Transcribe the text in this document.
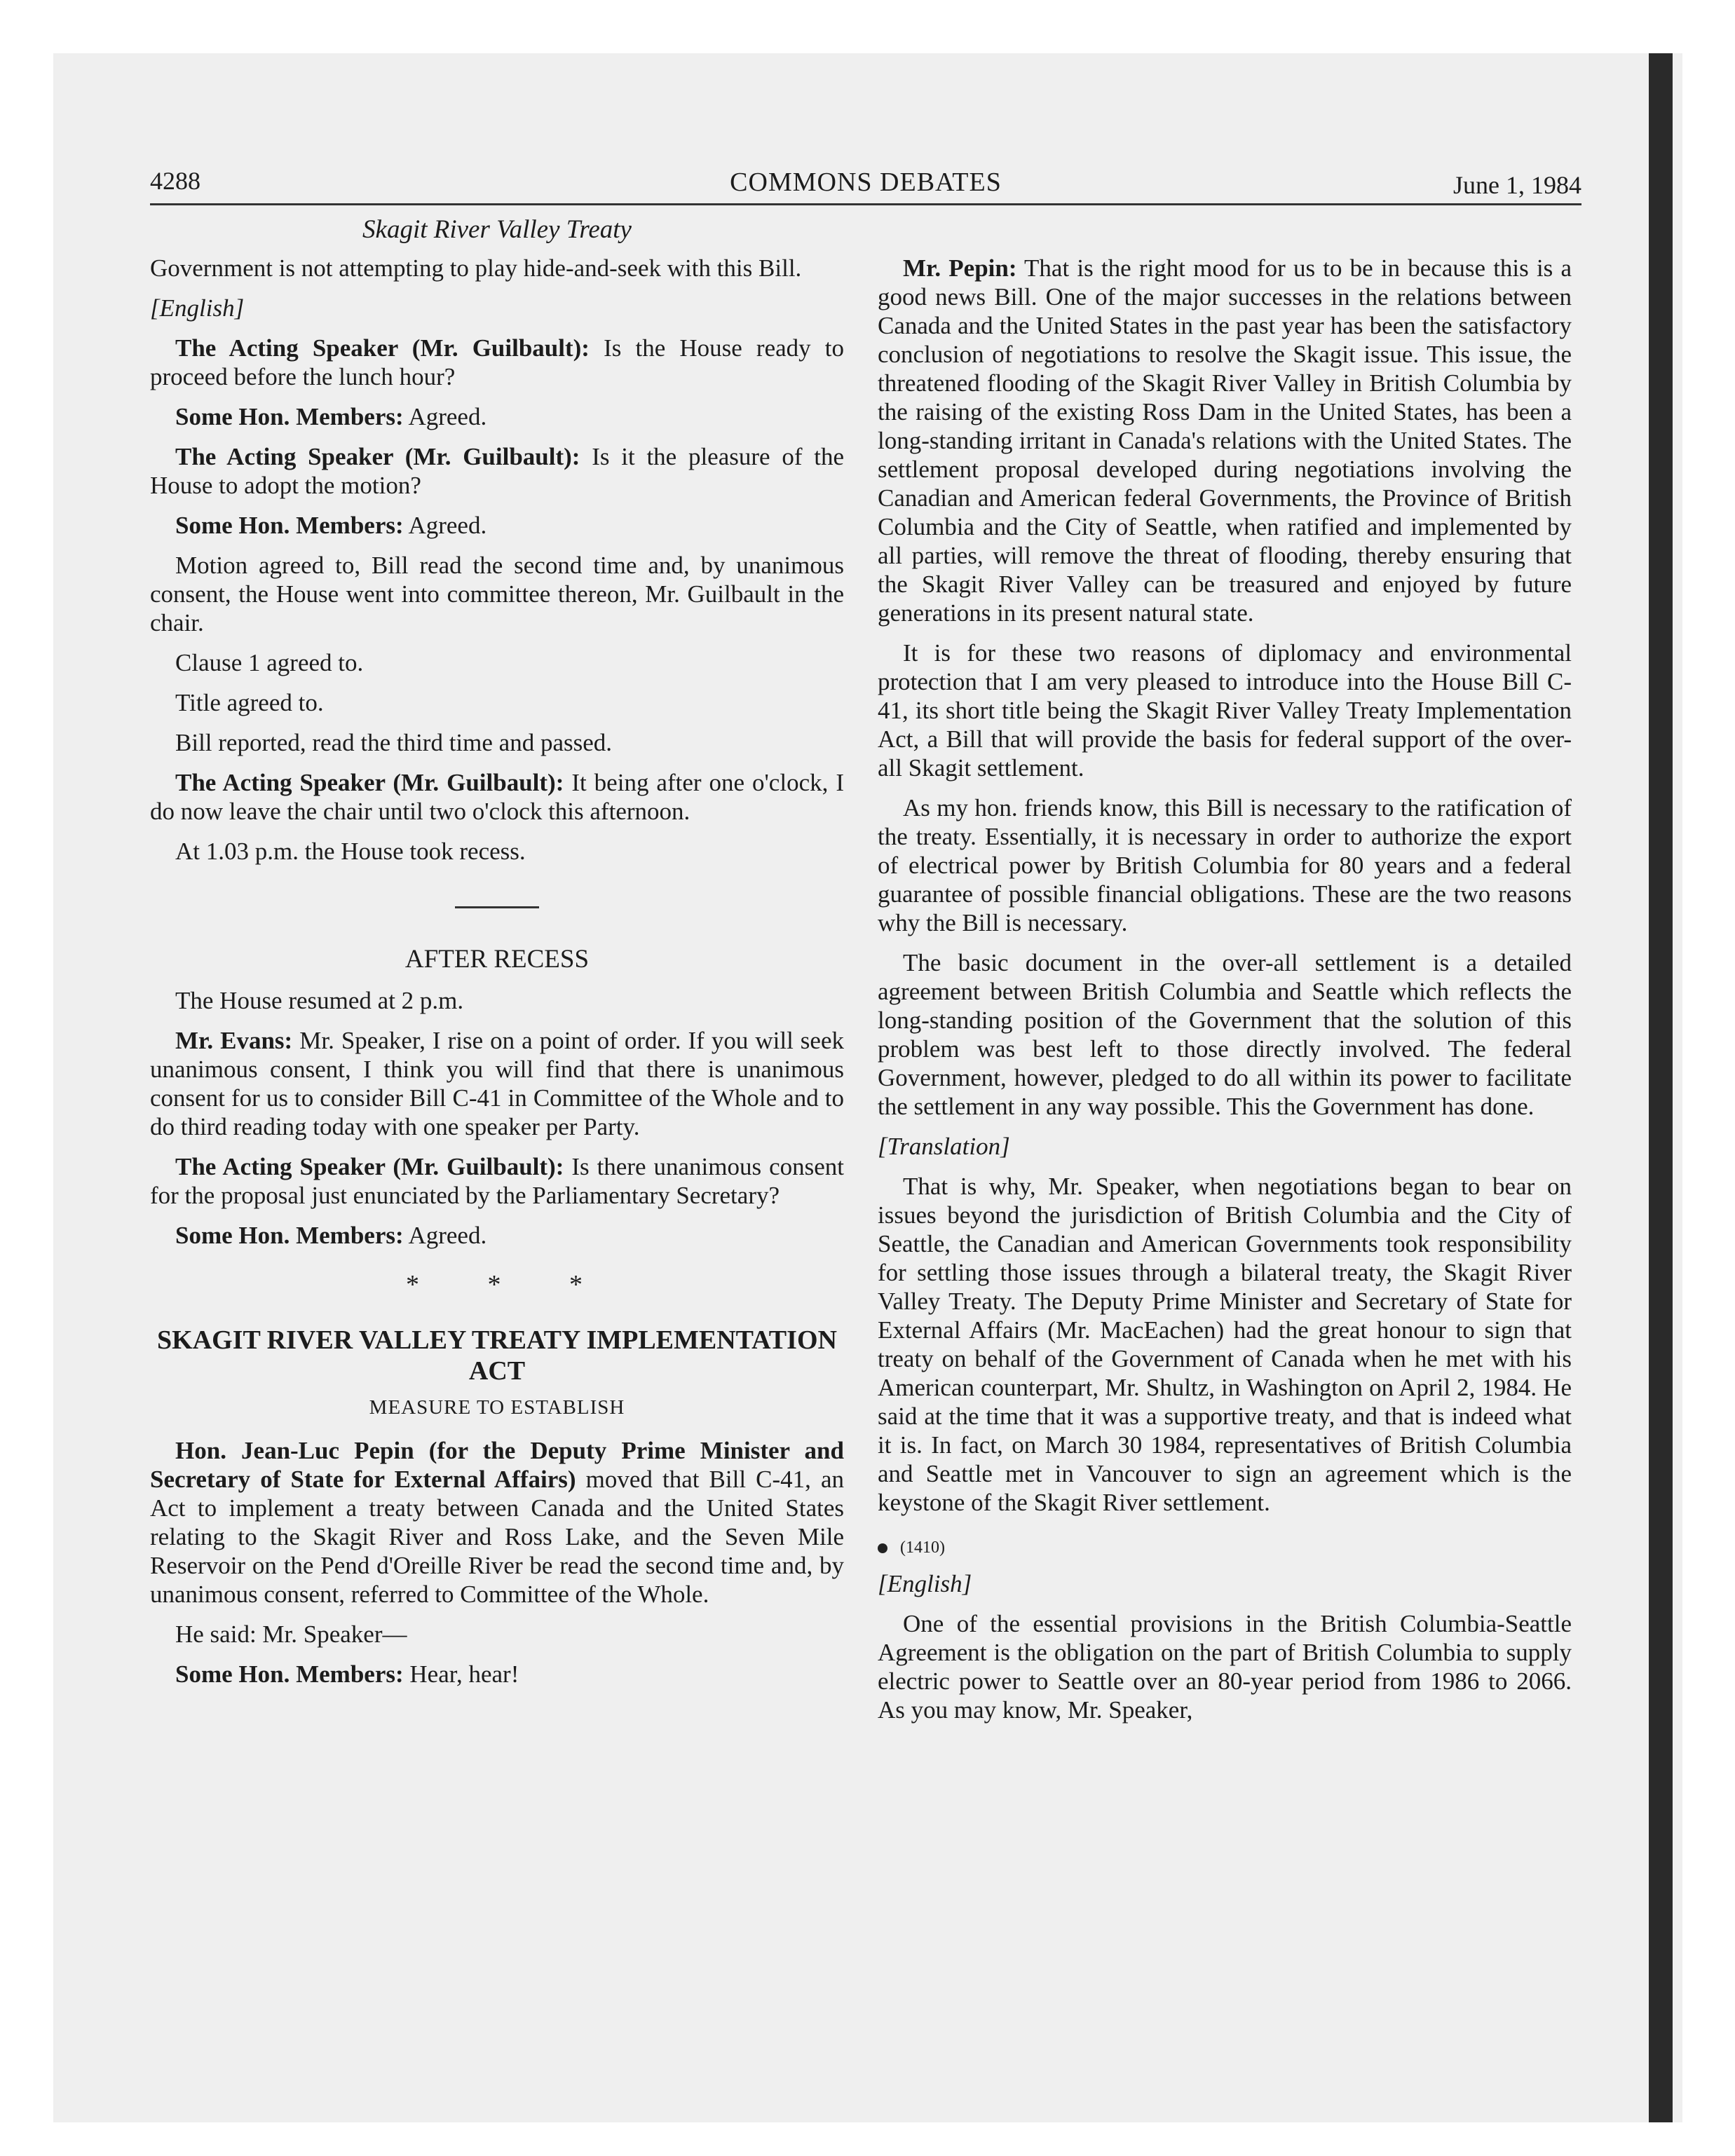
4288	COMMONS DEBATES	June 1, 1984
Skagit River Valley Treaty

Government is not attempting to play hide-and-seek with this Bill.

[English]

The Acting Speaker (Mr. Guilbault): Is the House ready to proceed before the lunch hour?

Some Hon. Members: Agreed.

The Acting Speaker (Mr. Guilbault): Is it the pleasure of the House to adopt the motion?

Some Hon. Members: Agreed.

Motion agreed to, Bill read the second time and, by unanimous consent, the House went into committee thereon, Mr. Guilbault in the chair.

Clause 1 agreed to.

Title agreed to.

Bill reported, read the third time and passed.

The Acting Speaker (Mr. Guilbault): It being after one o'clock, I do now leave the chair until two o'clock this afternoon.

At 1.03 p.m. the House took recess.

AFTER RECESS

The House resumed at 2 p.m.

Mr. Evans: Mr. Speaker, I rise on a point of order. If you will seek unanimous consent, I think you will find that there is unanimous consent for us to consider Bill C-41 in Committee of the Whole and to do third reading today with one speaker per Party.

The Acting Speaker (Mr. Guilbault): Is there unanimous consent for the proposal just enunciated by the Parliamentary Secretary?

Some Hon. Members: Agreed.

* * *
SKAGIT RIVER VALLEY TREATY IMPLEMENTATION ACT
MEASURE TO ESTABLISH

Hon. Jean-Luc Pepin (for the Deputy Prime Minister and Secretary of State for External Affairs) moved that Bill C-41, an Act to implement a treaty between Canada and the United States relating to the Skagit River and Ross Lake, and the Seven Mile Reservoir on the Pend d'Oreille River be read the second time and, by unanimous consent, referred to Committee of the Whole.

He said: Mr. Speaker—

Some Hon. Members: Hear, hear!

Mr. Pepin: That is the right mood for us to be in because this is a good news Bill. One of the major successes in the relations between Canada and the United States in the past year has been the satisfactory conclusion of negotiations to resolve the Skagit issue. This issue, the threatened flooding of the Skagit River Valley in British Columbia by the raising of the existing Ross Dam in the United States, has been a long-standing irritant in Canada's relations with the United States. The settlement proposal developed during negotiations involving the Canadian and American federal Governments, the Province of British Columbia and the City of Seattle, when ratified and implemented by all parties, will remove the threat of flooding, thereby ensuring that the Skagit River Valley can be treasured and enjoyed by future generations in its present natural state.

It is for these two reasons of diplomacy and environmental protection that I am very pleased to introduce into the House Bill C-41, its short title being the Skagit River Valley Treaty Implementation Act, a Bill that will provide the basis for federal support of the over-all Skagit settlement.

As my hon. friends know, this Bill is necessary to the ratification of the treaty. Essentially, it is necessary in order to authorize the export of electrical power by British Columbia for 80 years and a federal guarantee of possible financial obligations. These are the two reasons why the Bill is necessary.

The basic document in the over-all settlement is a detailed agreement between British Columbia and Seattle which reflects the long-standing position of the Government that the solution of this problem was best left to those directly involved. The federal Government, however, pledged to do all within its power to facilitate the settlement in any way possible. This the Government has done.

[Translation]

That is why, Mr. Speaker, when negotiations began to bear on issues beyond the jurisdiction of British Columbia and the City of Seattle, the Canadian and American Governments took responsibility for settling those issues through a bilateral treaty, the Skagit River Valley Treaty. The Deputy Prime Minister and Secretary of State for External Affairs (Mr. MacEachen) had the great honour to sign that treaty on behalf of the Government of Canada when he met with his American counterpart, Mr. Shultz, in Washington on April 2, 1984. He said at the time that it was a supportive treaty, and that is indeed what it is. In fact, on March 30 1984, representatives of British Columbia and Seattle met in Vancouver to sign an agreement which is the keystone of the Skagit River settlement.

(1410)

[English]

One of the essential provisions in the British Columbia-Seattle Agreement is the obligation on the part of British Columbia to supply electric power to Seattle over an 80-year period from 1986 to 2066. As you may know, Mr. Speaker,
